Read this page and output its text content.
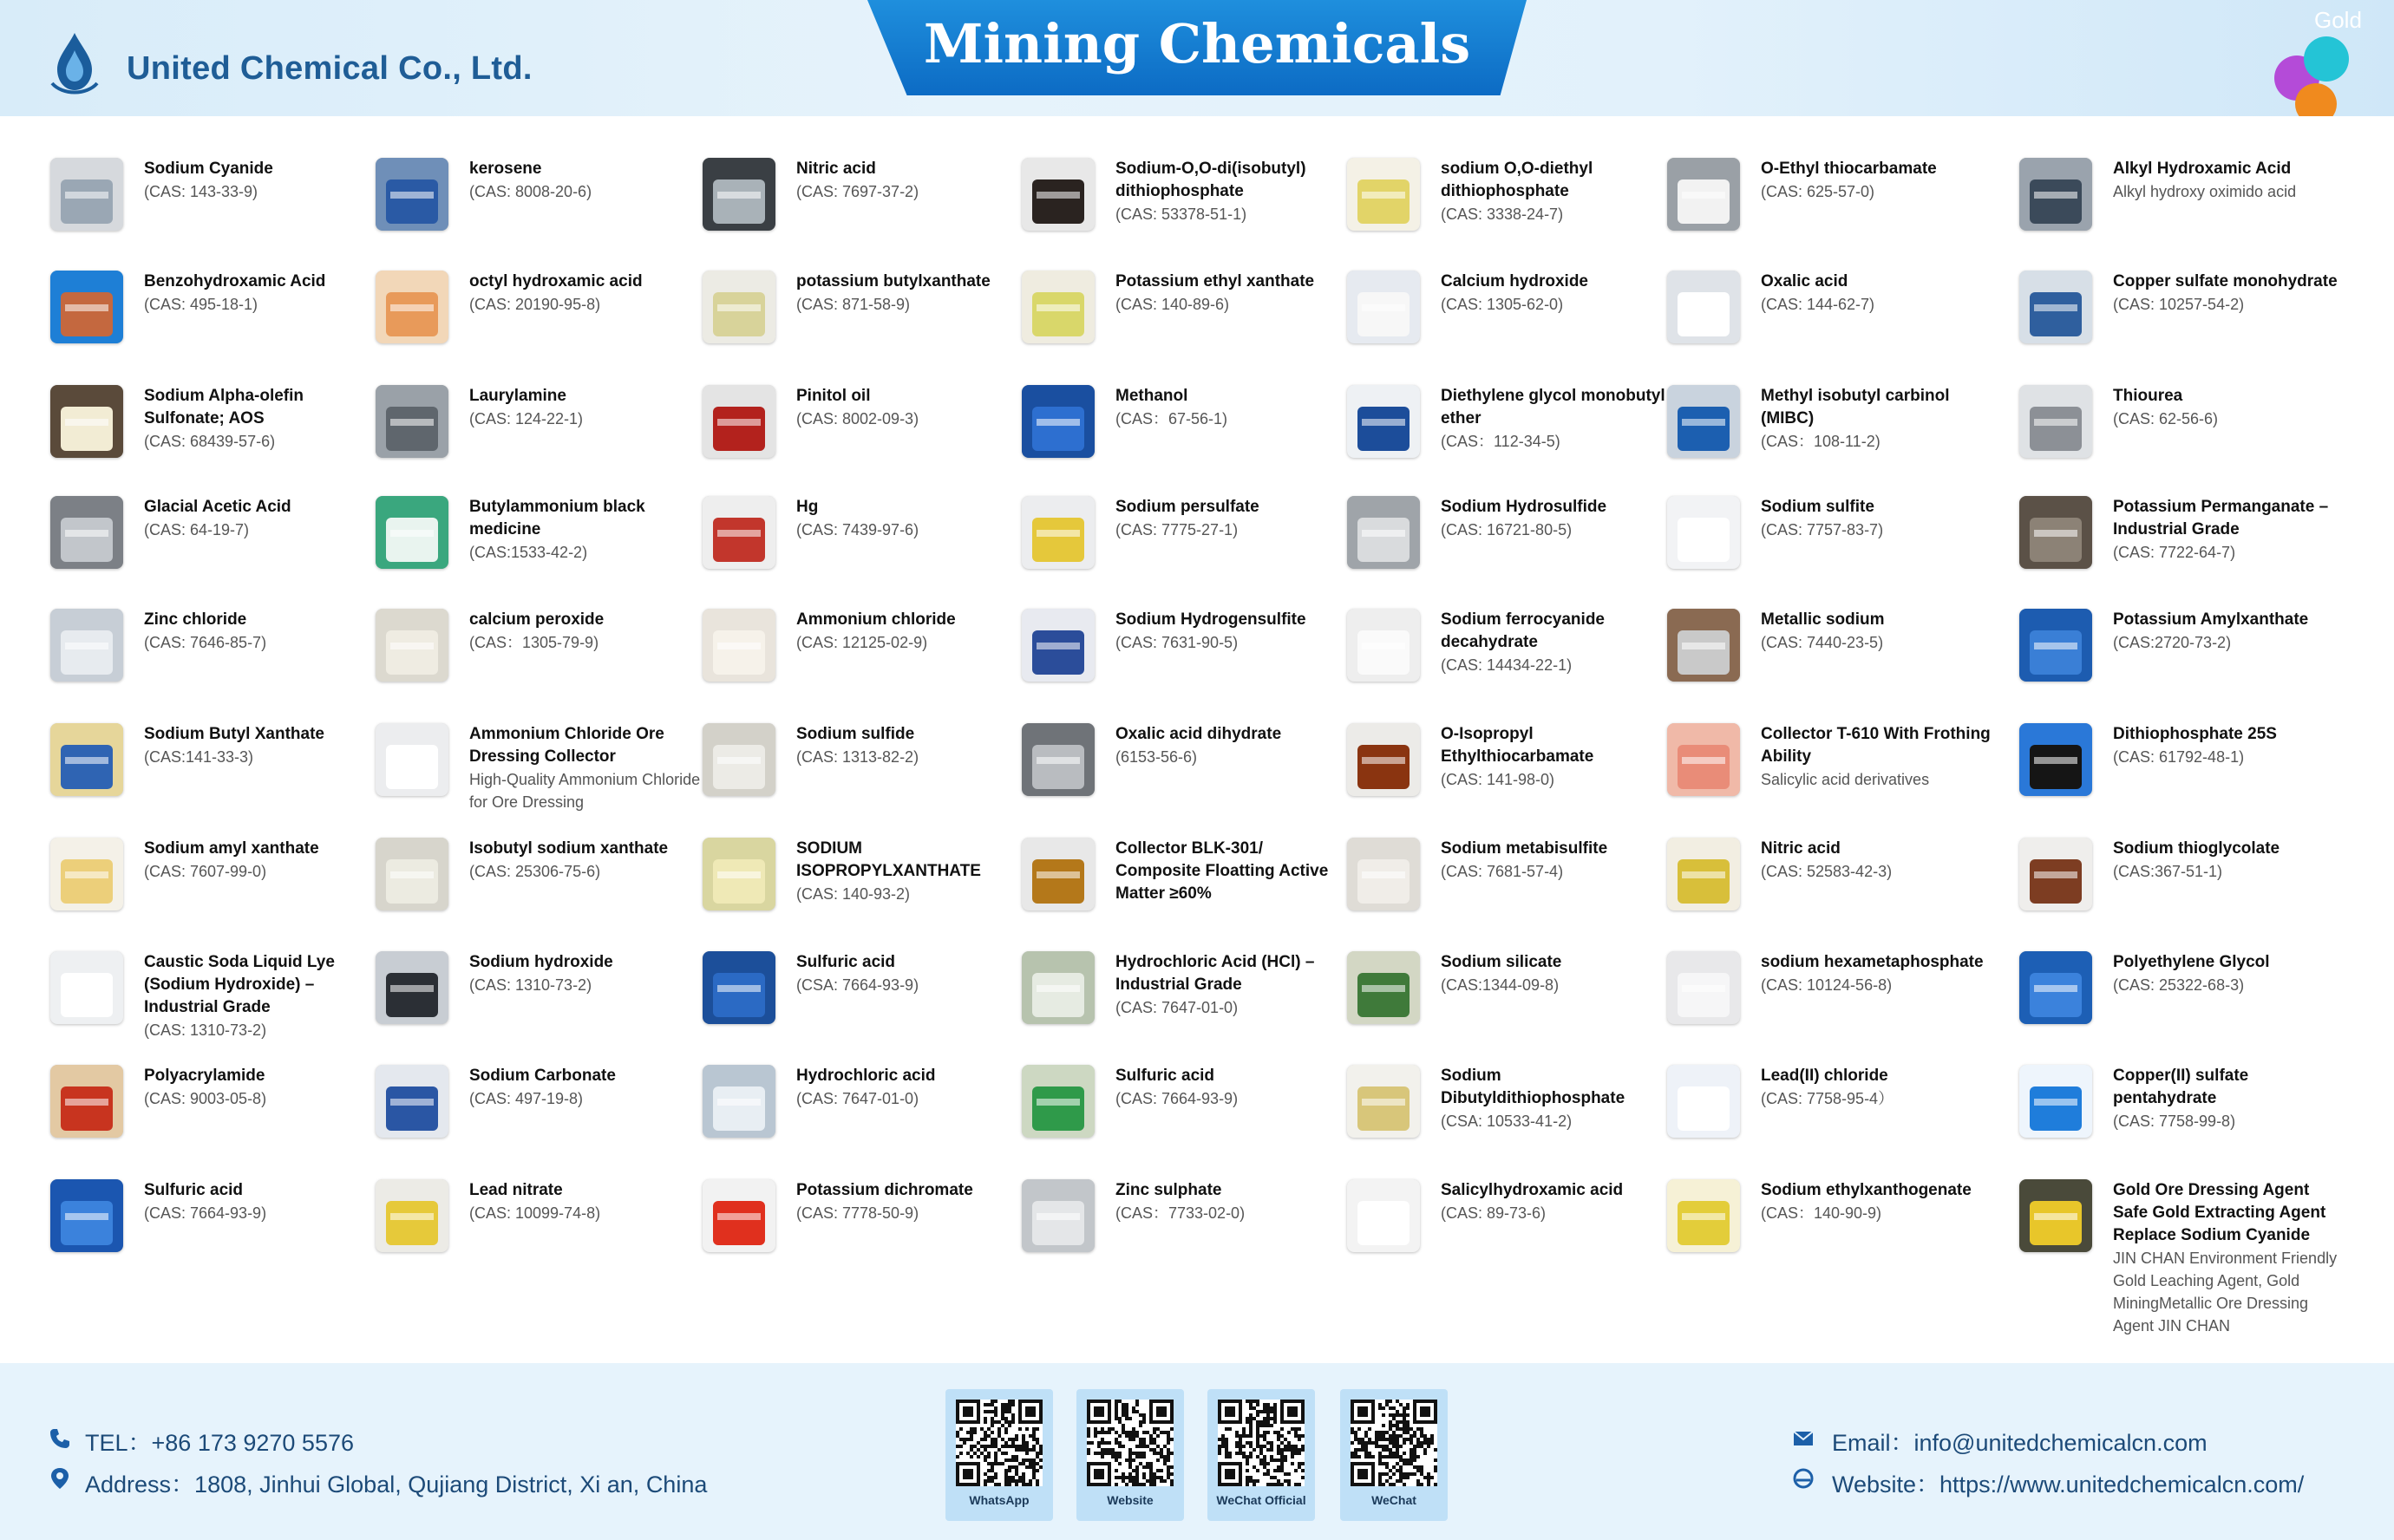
United Chemical Co., Ltd.	Mining Chemicals	Gold
Sodium Cyanide
(CAS: 143-33-9)
kerosene
(CAS: 8008-20-6)
Nitric acid
(CAS: 7697-37-2)
Sodium-O,O-di(isobutyl) dithiophosphate
(CAS: 53378-51-1)
sodium O,O-diethyl dithiophosphate
(CAS: 3338-24-7)
O-Ethyl thiocarbamate
(CAS: 625-57-0)
Alkyl Hydroxamic Acid
Alkyl hydroxy oximido acid
Benzohydroxamic Acid
(CAS: 495-18-1)
octyl hydroxamic acid
(CAS: 20190-95-8)
potassium butylxanthate
(CAS: 871-58-9)
Potassium ethyl xanthate
(CAS: 140-89-6)
Calcium hydroxide
(CAS: 1305-62-0)
Oxalic acid
(CAS: 144-62-7)
Copper sulfate monohydrate
(CAS: 10257-54-2)
Sodium Alpha-olefin Sulfonate; AOS
(CAS: 68439-57-6)
Laurylamine
(CAS: 124-22-1)
Pinitol oil
(CAS: 8002-09-3)
Methanol
(CAS：67-56-1)
Diethylene glycol monobutyl ether
(CAS：112-34-5)
Methyl isobutyl carbinol (MIBC)
(CAS：108-11-2)
Thiourea
(CAS: 62-56-6)
Glacial Acetic Acid
(CAS: 64-19-7)
Butylammonium black medicine
(CAS:1533-42-2)
Hg
(CAS: 7439-97-6)
Sodium persulfate
(CAS: 7775-27-1)
Sodium Hydrosulfide
(CAS: 16721-80-5)
Sodium sulfite
(CAS: 7757-83-7)
Potassium Permanganate – Industrial Grade
(CAS: 7722-64-7)
Zinc chloride
(CAS: 7646-85-7)
calcium peroxide
(CAS：1305-79-9)
Ammonium chloride
(CAS: 12125-02-9)
Sodium Hydrogensulfite
(CAS: 7631-90-5)
Sodium ferrocyanide decahydrate
(CAS: 14434-22-1)
Metallic sodium
(CAS: 7440-23-5)
Potassium Amylxanthate
(CAS:2720-73-2)
Sodium Butyl Xanthate
(CAS:141-33-3)
Ammonium Chloride Ore Dressing Collector
High-Quality Ammonium Chloride for Ore Dressing
Sodium sulfide
(CAS: 1313-82-2)
Oxalic acid dihydrate
(6153-56-6)
O-Isopropyl Ethylthiocarbamate
(CAS: 141-98-0)
Collector T-610 With Frothing Ability
Salicylic acid derivatives
Dithiophosphate 25S
(CAS: 61792-48-1)
Sodium amyl xanthate
(CAS: 7607-99-0)
Isobutyl sodium xanthate
(CAS: 25306-75-6)
SODIUM ISOPROPYLXANTHATE
(CAS: 140-93-2)
Collector BLK-301/ Composite Floatting Active Matter ≥60%
Sodium metabisulfite
(CAS: 7681-57-4)
Nitric acid
(CAS: 52583-42-3)
Sodium thioglycolate
(CAS:367-51-1)
Caustic Soda Liquid Lye (Sodium Hydroxide) – Industrial Grade
(CAS: 1310-73-2)
Sodium hydroxide
(CAS: 1310-73-2)
Sulfuric acid
(CSA: 7664-93-9)
Hydrochloric Acid (HCl) – Industrial Grade
(CAS: 7647-01-0)
Sodium silicate
(CAS:1344-09-8)
sodium hexametaphosphate
(CAS: 10124-56-8)
Polyethylene Glycol
(CAS: 25322-68-3)
Polyacrylamide
(CAS: 9003-05-8)
Sodium Carbonate
(CAS: 497-19-8)
Hydrochloric acid
(CAS: 7647-01-0)
Sulfuric acid
(CAS: 7664-93-9)
Sodium Dibutyldithiophosphate
(CSA: 10533-41-2)
Lead(II) chloride
(CAS: 7758-95-4）
Copper(II) sulfate pentahydrate
(CAS: 7758-99-8)
Sulfuric acid
(CAS: 7664-93-9)
Lead nitrate
(CAS: 10099-74-8)
Potassium dichromate
(CAS: 7778-50-9)
Zinc sulphate
(CAS：7733-02-0)
Salicylhydroxamic acid
(CAS: 89-73-6)
Sodium ethylxanthogenate
(CAS：140-90-9)
Gold Ore Dressing Agent Safe Gold Extracting Agent Replace Sodium Cyanide
JIN CHAN Environment Friendly Gold Leaching Agent, Gold MiningMetallic Ore Dressing Agent JIN CHAN
TEL：+86 173 9270 5576
Address：1808, Jinhui Global, Qujiang District, Xi an, China
WhatsApp	Website	WeChat Official	WeChat
Email：info@unitedchemicalcn.com
Website：https://www.unitedchemicalcn.com/
